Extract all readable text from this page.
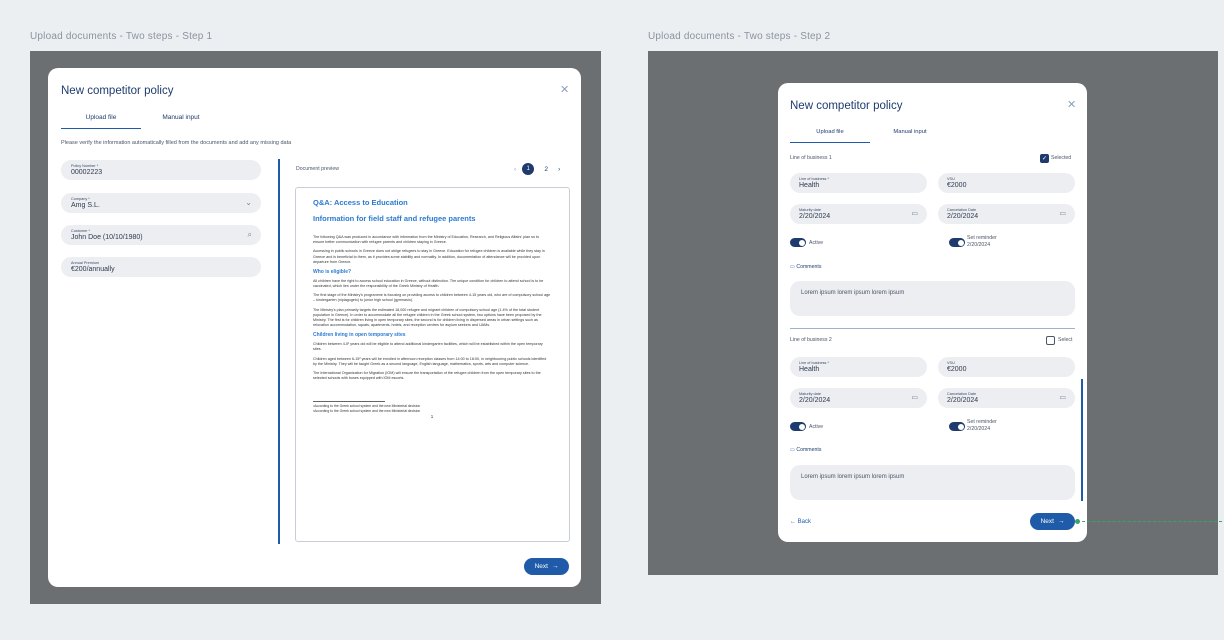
Upload documents - Two steps - Step 1	Upload documents - Two steps - Step 2
New competitor policy	✕
Upload file	Manual input
Please verify the information automatically filled from the documents and add any missing data
Policy Number *
00002223
Company *
Amg S.L.	⌄
Customer *
John Doe (10/10/1980)	⌕
Annual Premium
€200/annually
Document preview	‹	1	2	›
Q&A: Access to Education
Information for field staff and refugee parents
The following Q&A was produced in accordance with information from the Ministry of Education, Research, and Religious Affairs' plan so to ensure better communication with refugee parents and children staying in Greece.
Accessing in public schools in Greece does not oblige refugees to stay in Greece. Education for refugee children is available while they stay in Greece and is beneficial to them, as it provides some stability and normality. In addition, documentation of attendance will be provided upon departure from Greece.
Who is eligible?
All children have the right to access school education in Greece, without distinction. The unique condition for children to attend school is to be vaccinated, which lies under the responsibility of the Greek Ministry of Health.
The first stage of the Ministry's programme is focusing on providing access to children between 4-15 years old, who are of compulsory school age – kindergarten (nipiagogeio) to junior high school (gymnasio).
The Ministry's plan primarily targets the estimated 18,000 refugee and migrant children of compulsory school age (1.4% of the total student population in Greece). In order to accommodate all the refugee children in the Greek school system, two options have been proposed by the Ministry. The first is for children living in open temporary sites, the second is for children living in dispersed areas in urban settings such as relocation accommodation, squats, apartments, hotels, and reception centres for asylum seekers and UAMs.
Children living in open temporary sites
Children between 4-5¹ years old will be eligible to attend additional kindergarten facilities, which will be established within the open temporary sites.
Children aged between 6-15² years will be enrolled in afternoon reception classes from 14:00 to 18:00, in neighbouring public schools identified by the Ministry. They will be taught Greek as a second language, English language, mathematics, sports, arts and computer science.
The International Organization for Migration (IOM) will ensure the transportation of the refugee children from the open temporary sites to the selected schools with buses equipped with IOM escorts.
¹According to the Greek school system and the new Ministerial decision
²According to the Greek school system and the new Ministerial decision
1
Next →
New competitor policy	✕
Upload file	Manual input
Line of business 1	✓ Selected
Line of business *
Health
VSU
€2000
Maturity date
2/20/2024	▭
Cancelation Date
2/20/2024	▭
Active
Set reminder
2/20/2024
▭ Comments
Lorem ipsum lorem ipsum lorem ipsum
Line of business 2	Select
Line of business *
Health
VSU
€2000
Maturity date
2/20/2024	▭
Cancelation Date
2/20/2024	▭
Active
Set reminder
2/20/2024
▭ Comments
Lorem ipsum lorem ipsum lorem ipsum
← Back	Next →
